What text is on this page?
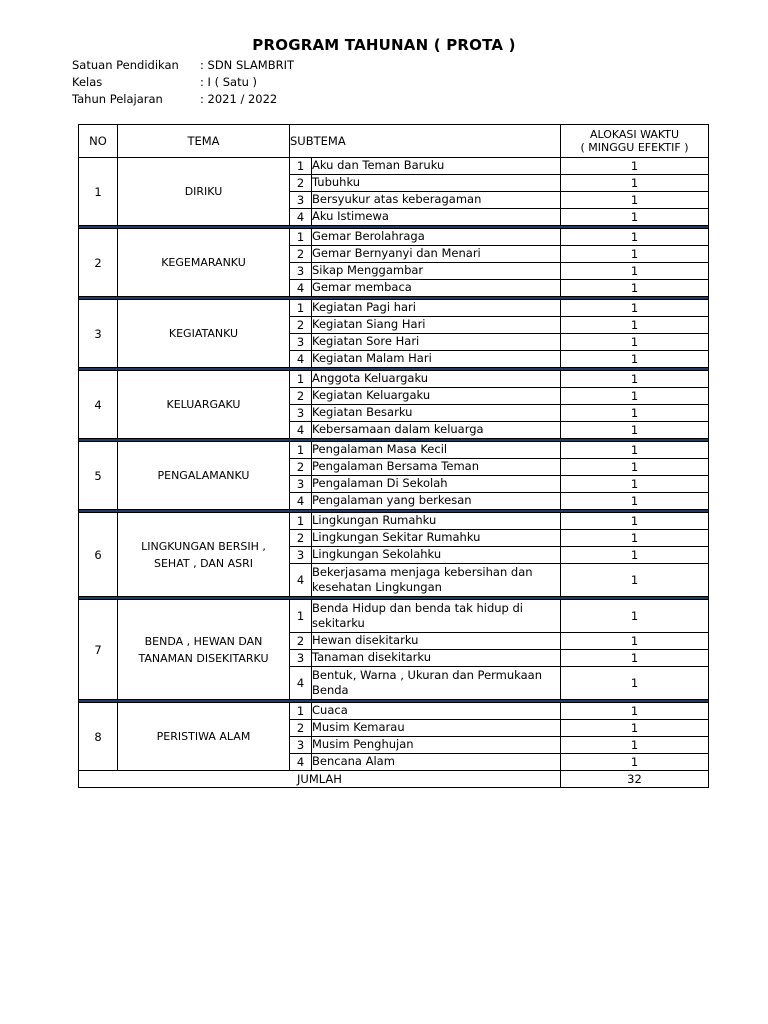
PROGRAM TAHUNAN ( PROTA )
Satuan Pendidikan : SDN SLAMBRIT
Kelas	: I ( Satu )
Tahun Pelajaran	: 2021 / 2022
NO	TEMA	SUBTEMA		ALOKASI WAKTU
( MINGGU EFEKTIF )
1	DIRIKU	1	Aku dan Teman Baruku	1
		2	Tubuhku	1
		3	Bersyukur atas keberagaman	1
		4	Aku Istimewa	1

2	KEGEMARANKU	1	Gemar Berolahraga	1
		2	Gemar Bernyanyi dan Menari	1
		3	Sikap Menggambar	1
		4	Gemar membaca	1

3	KEGIATANKU	1	Kegiatan Pagi hari	1
		2	Kegiatan Siang Hari	1
		3	Kegiatan Sore Hari	1
		4	Kegiatan Malam Hari	1

4	KELUARGAKU	1	Anggota Keluargaku	1
		2	Kegiatan Keluargaku	1
		3	Kegiatan Besarku	1
		4	Kebersamaan dalam keluarga	1

5	PENGALAMANKU	1	Pengalaman Masa Kecil	1
		2	Pengalaman Bersama Teman	1
		3	Pengalaman Di Sekolah	1
		4	Pengalaman yang berkesan	1

6	LINGKUNGAN BERSIH ,
SEHAT , DAN ASRI	1	Lingkungan Rumahku	1
		2	Lingkungan Sekitar Rumahku	1
		3	Lingkungan Sekolahku	1
		4	Bekerjasama menjaga kebersihan dan kesehatan Lingkungan	1

7	BENDA , HEWAN DAN
TANAMAN DISEKITARKU	1	Benda Hidup dan benda tak hidup di sekitarku	1
		2	Hewan disekitarku	1
		3	Tanaman disekitarku	1
		4	Bentuk, Warna , Ukuran dan Permukaan Benda	1

8	PERISTIWA ALAM	1	Cuaca	1
		2	Musim Kemarau	1
		3	Musim Penghujan	1
		4	Bencana Alam	1
JUMLAH				32
